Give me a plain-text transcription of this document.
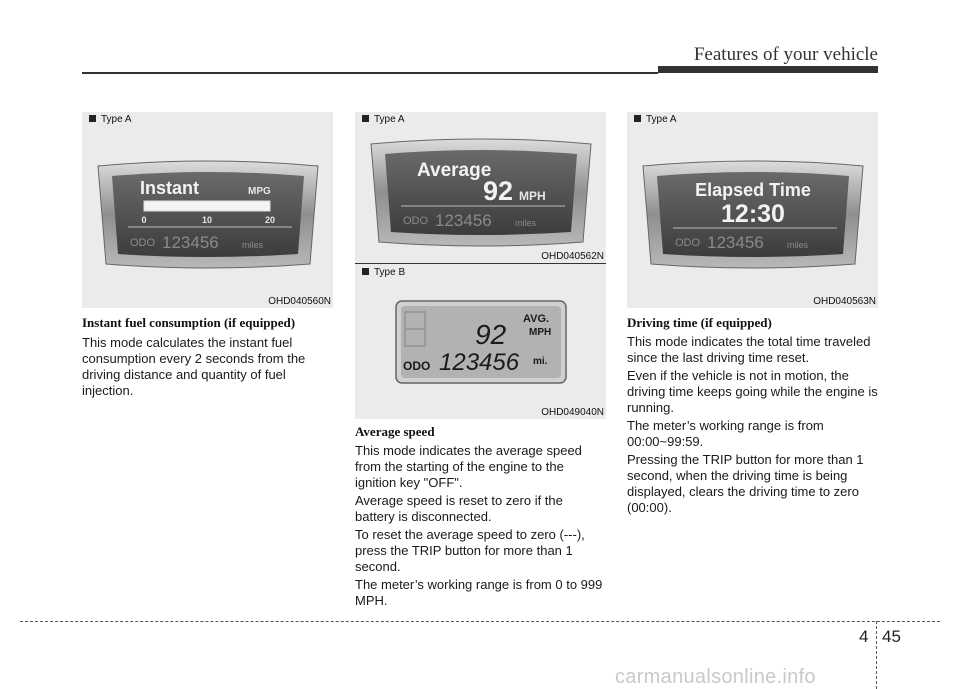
Features of your vehicle
Type A
Instant	MPG
0	10	20
ODO 123456	miles
OHD040560N
Type A
Average
92 MPH
ODO 123456	miles
OHD040562N
Type B
92 AVG.
MPH
ODO 123456 mi.
OHD049040N
Type A
Elapsed Time
12:30
ODO 123456	miles
OHD040563N
Instant fuel consumption (if equipped)

This mode calculates the instant fuel consumption every 2 seconds from the driving distance and quantity of fuel injection.

Average speed

This mode indicates the average speed from the starting of the engine to the ignition key "OFF".

Average speed is reset to zero if the battery is disconnected.

To reset the average speed to zero (---), press the TRIP button for more than 1 second.

The meter’s working range is from 0 to 999 MPH.

Driving time (if equipped)

This mode indicates the total time traveled since the last driving time reset.

Even if the vehicle is not in motion, the driving time keeps going while the engine is running.

The meter’s working range is from 00:00~99:59.

Pressing the TRIP button for more than 1 second, when the driving time is being displayed, clears the driving time to zero (00:00).

4 45
carmanualsonline.info
